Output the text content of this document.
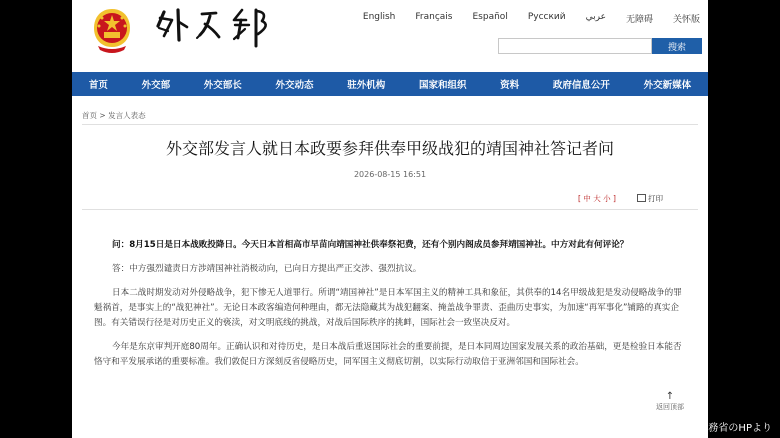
English Français Español Русский عربي 无障碍 关怀版
搜索
首页	外交部	外交部长	外交动态	驻外机构	国家和组织	资料	政府信息公开	外交新媒体
首页 > 发言人表态
外交部发言人就日本政要参拜供奉甲级战犯的靖国神社答记者问
2026-08-15 16:51
[ 中 大 小 ]	打印

问：8月15日是日本战败投降日。今天日本首相高市早苗向靖国神社供奉祭祀费，还有个别内阁成员参拜靖国神社。中方对此有何评论？

答：中方强烈谴责日方涉靖国神社消极动向，已向日方提出严正交涉、强烈抗议。

日本二战时期发动对外侵略战争，犯下惨无人道罪行。所谓“靖国神社”是日本军国主义的精神工具和象征，其供奉的14名甲级战犯是发动侵略战争的罪魁祸首，是事实上的“战犯神社”。无论日本政客编造何种理由，都无法隐藏其为战犯翻案、掩盖战争罪责、歪曲历史事实，为加速“再军事化”铺路的真实企图。有关错误行径是对历史正义的亵渎，对文明底线的挑战，对战后国际秩序的挑衅，国际社会一致坚决反对。

今年是东京审判开庭80周年。正确认识和对待历史，是日本战后重返国际社会的重要前提，是日本同周边国家发展关系的政治基础，更是检验日本能否恪守和平发展承诺的重要标准。我们敦促日方深刻反省侵略历史，同军国主义彻底切割，以实际行动取信于亚洲邻国和国际社会。

↑
返回顶部
中国外務省のHPより
